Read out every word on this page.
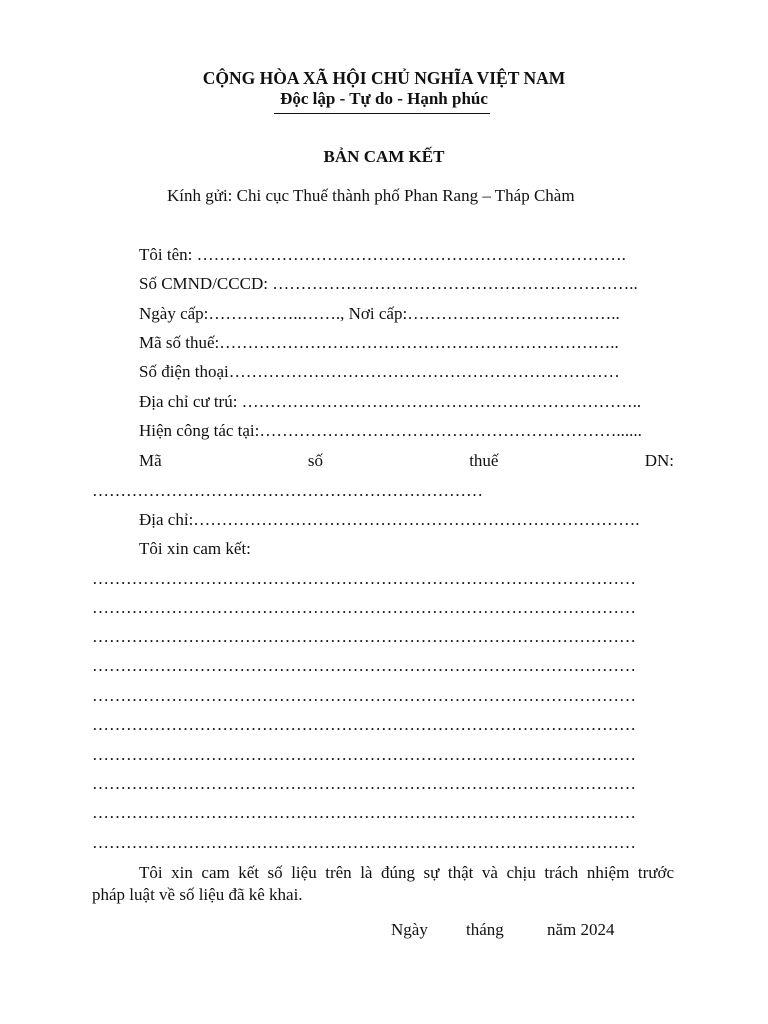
CỘNG HÒA XÃ HỘI CHỦ NGHĨA VIỆT NAM
Độc lập - Tự do - Hạnh phúc
BẢN CAM KẾT
Kính gửi: Chi cục Thuế thành phố Phan Rang – Tháp Chàm
Tôi tên: ………………………………………………………………….
Số CMND/CCCD: ………………………………………………………..
Ngày cấp:……………..……., Nơi cấp:………………………………..
Mã số thuế:……………………………………………………………..
Số điện thoại……………………………………………………………
Địa chỉ cư trú: ……………………………………………………………..
Hiện công tác tại:………………………………………………………......
Mã	số	thuế	DN:
……………………………………………………………
Địa chỉ:…………………………………………………………………….
Tôi xin cam kết:
……………………………………………………………………………………
……………………………………………………………………………………
……………………………………………………………………………………
……………………………………………………………………………………
……………………………………………………………………………………
……………………………………………………………………………………
……………………………………………………………………………………
……………………………………………………………………………………
……………………………………………………………………………………
……………………………………………………………………………………
Tôi xin cam kết số liệu trên là đúng sự thật và chịu trách nhiệm trước
pháp luật về số liệu đã kê khai.
Ngày tháng	năm 2024
